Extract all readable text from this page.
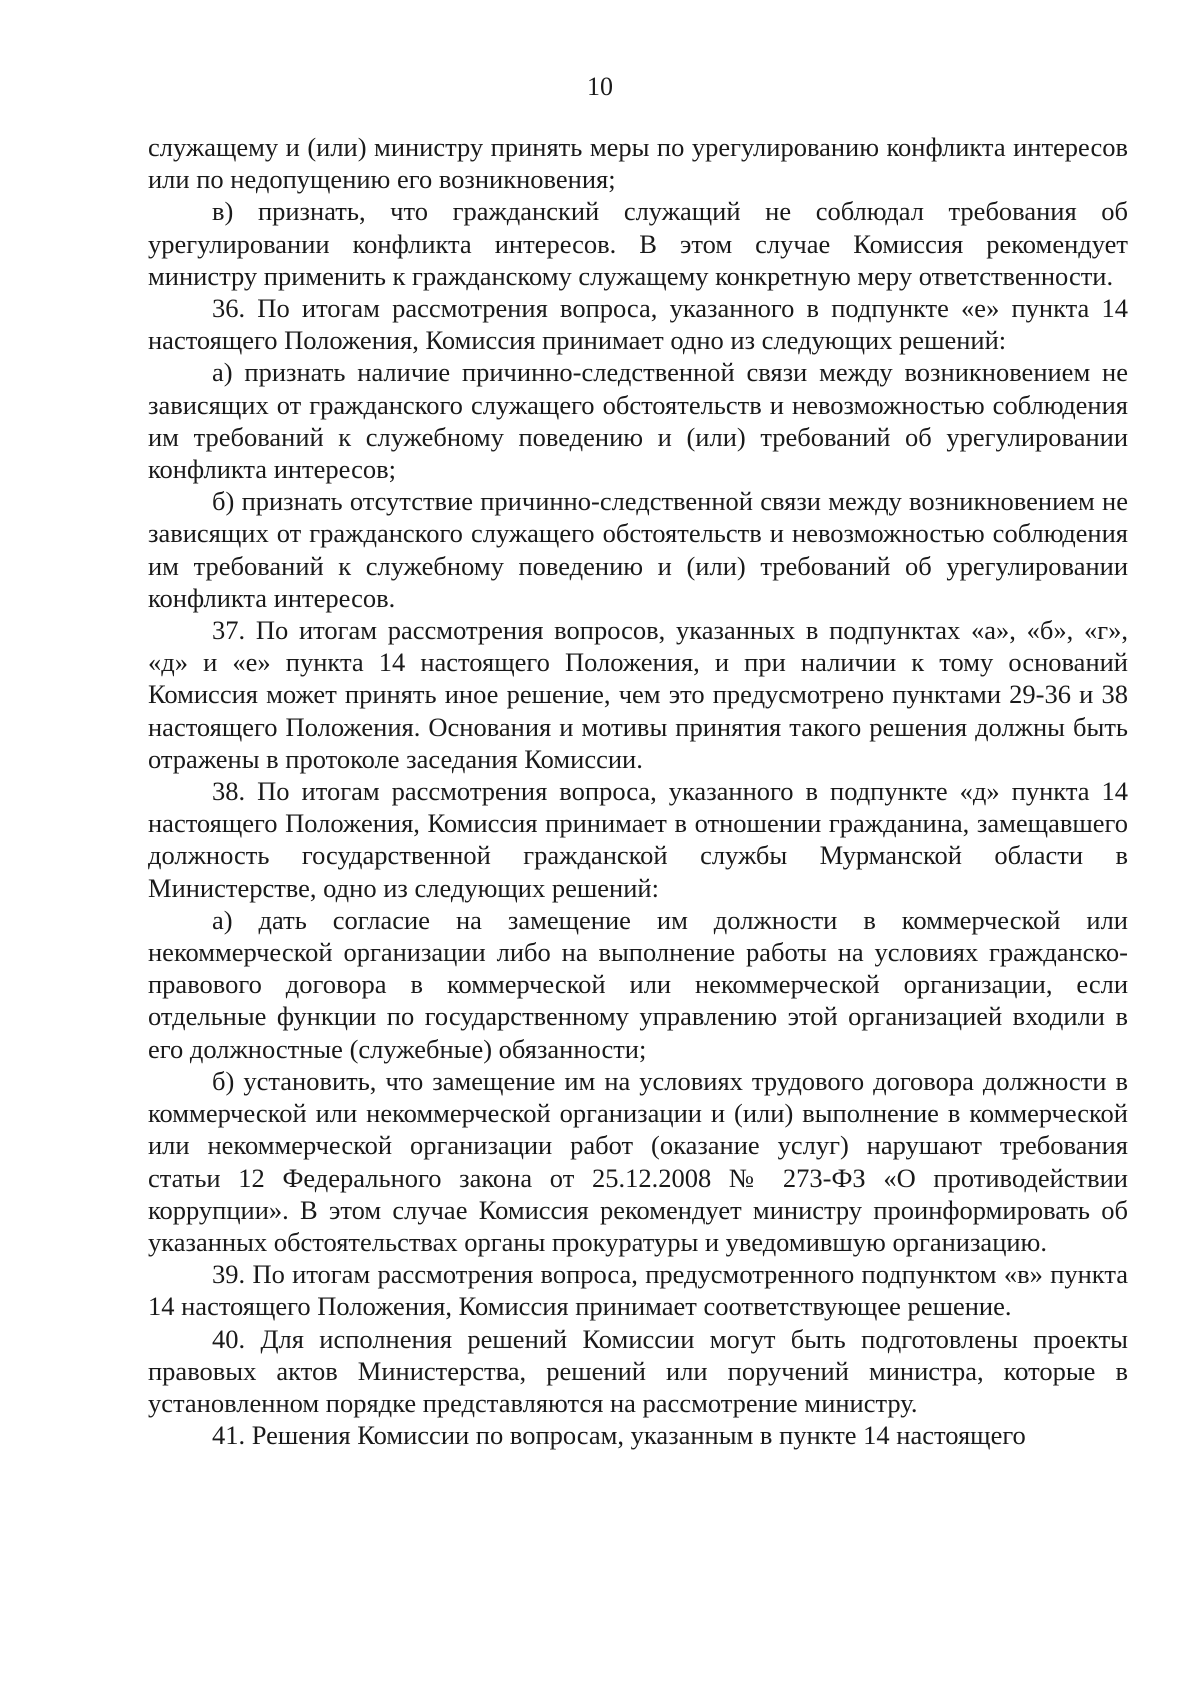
10

служащему и (или) министру принять меры по урегулированию конфликта интересов или по недопущению его возникновения;

в) признать, что гражданский служащий не соблюдал требования об урегулировании конфликта интересов. В этом случае Комиссия рекомендует министру применить к гражданскому служащему конкретную меру ответственности.

36. По итогам рассмотрения вопроса, указанного в подпункте «е» пункта 14 настоящего Положения, Комиссия принимает одно из следующих решений:

а) признать наличие причинно-следственной связи между возникновением не зависящих от гражданского служащего обстоятельств и невозможностью соблюдения им требований к служебному поведению и (или) требований об урегулировании конфликта интересов;

б) признать отсутствие причинно-следственной связи между возникновением не зависящих от гражданского служащего обстоятельств и невозможностью соблюдения им требований к служебному поведению и (или) требований об урегулировании конфликта интересов.

37. По итогам рассмотрения вопросов, указанных в подпунктах «а», «б», «г», «д» и «е» пункта 14 настоящего Положения, и при наличии к тому оснований Комиссия может принять иное решение, чем это предусмотрено пунктами 29-36 и 38 настоящего Положения. Основания и мотивы принятия такого решения должны быть отражены в протоколе заседания Комиссии.

38. По итогам рассмотрения вопроса, указанного в подпункте «д» пункта 14 настоящего Положения, Комиссия принимает в отношении гражданина, замещавшего должность государственной гражданской службы Мурманской области в Министерстве, одно из следующих решений:

а) дать согласие на замещение им должности в коммерческой или некоммерческой организации либо на выполнение работы на условиях гражданско-правового договора в коммерческой или некоммерческой организации, если отдельные функции по государственному управлению этой организацией входили в его должностные (служебные) обязанности;

б) установить, что замещение им на условиях трудового договора должности в коммерческой или некоммерческой организации и (или) выполнение в коммерческой или некоммерческой организации работ (оказание услуг) нарушают требования статьи 12 Федерального закона от 25.12.2008 № 273-ФЗ «О противодействии коррупции». В этом случае Комиссия рекомендует министру проинформировать об указанных обстоятельствах органы прокуратуры и уведомившую организацию.

39. По итогам рассмотрения вопроса, предусмотренного подпунктом «в» пункта 14 настоящего Положения, Комиссия принимает соответствующее решение.

40. Для исполнения решений Комиссии могут быть подготовлены проекты правовых актов Министерства, решений или поручений министра, которые в установленном порядке представляются на рассмотрение министру.

41. Решения Комиссии по вопросам, указанным в пункте 14 настоящего
